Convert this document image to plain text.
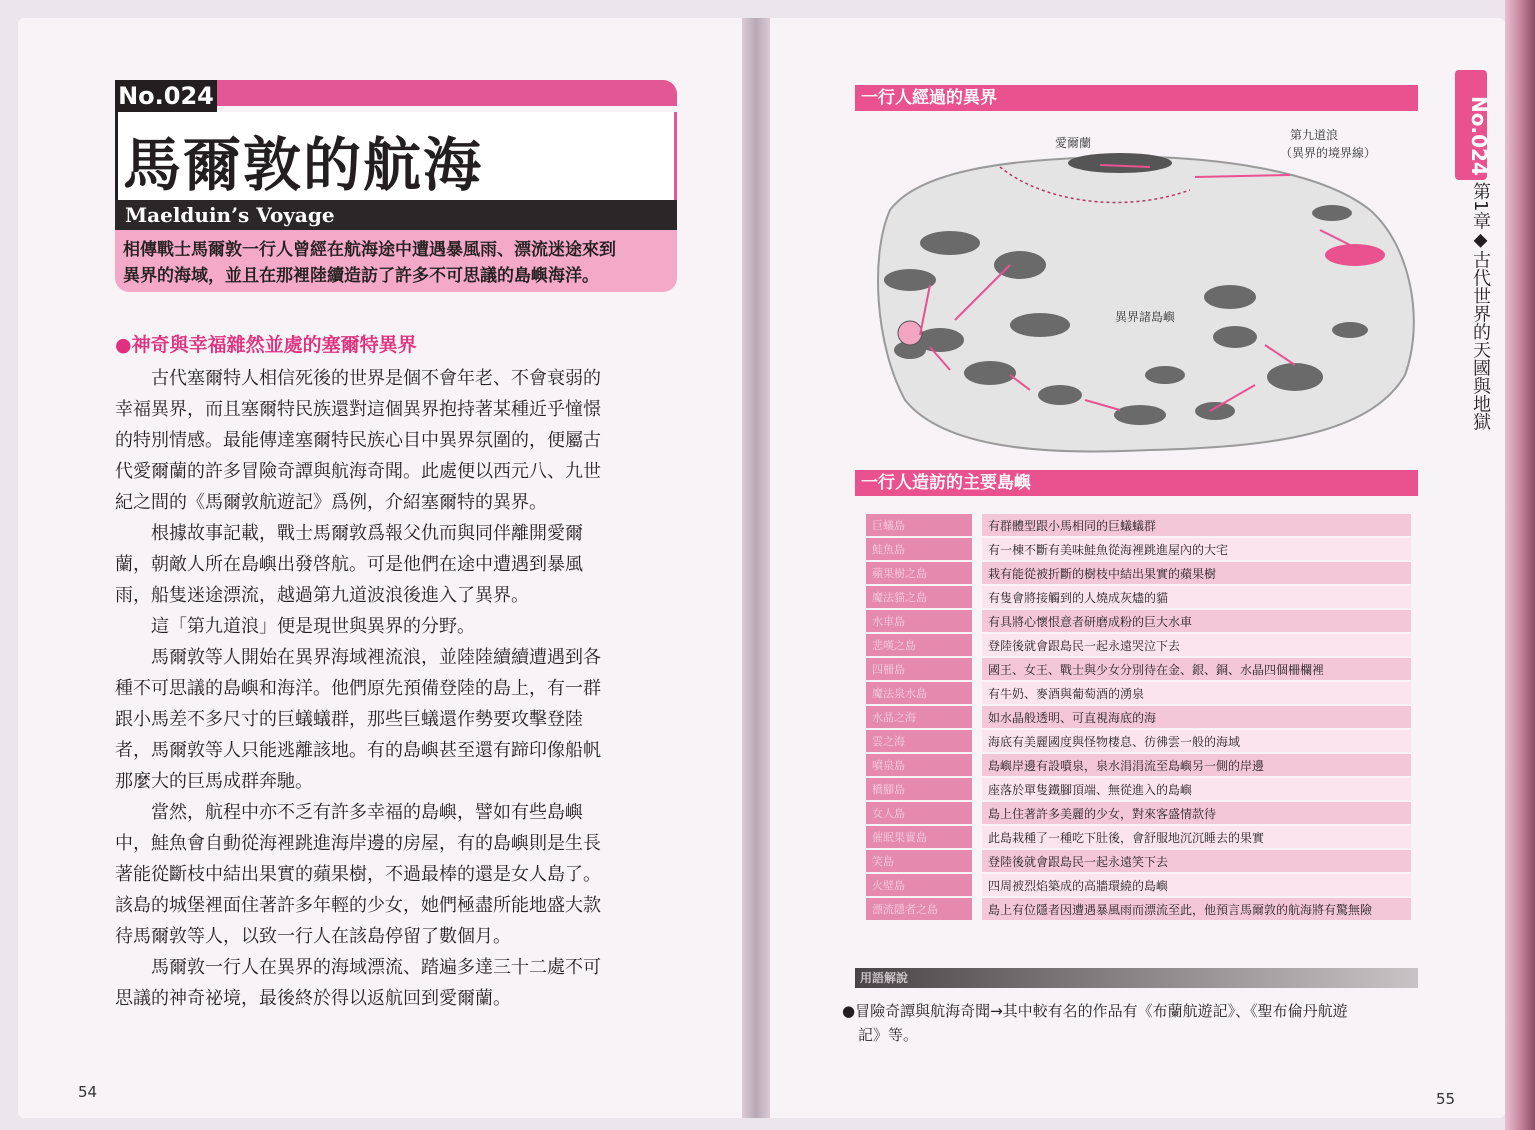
No.024
馬爾敦的航海
Maelduin’s Voyage
相傳戰士馬爾敦一行人曾經在航海途中遭遇暴風雨、漂流迷途來到
異界的海域，並且在那裡陸續造訪了許多不可思議的島嶼海洋。
●神奇與幸福雜然並處的塞爾特異界
　　古代塞爾特人相信死後的世界是個不會年老、不會衰弱的
幸福異界，而且塞爾特民族還對這個異界抱持著某種近乎憧憬
的特別情感。最能傳達塞爾特民族心目中異界氛圍的，便屬古
代愛爾蘭的許多冒險奇譚與航海奇聞。此處便以西元八、九世
紀之間的《馬爾敦航遊記》爲例，介紹塞爾特的異界。
　　根據故事記載，戰士馬爾敦爲報父仇而與同伴離開愛爾
蘭，朝敵人所在島嶼出發啓航。可是他們在途中遭遇到暴風
雨，船隻迷途漂流，越過第九道波浪後進入了異界。
　　這「第九道浪」便是現世與異界的分野。
　　馬爾敦等人開始在異界海域裡流浪，並陸陸續續遭遇到各
種不可思議的島嶼和海洋。他們原先預備登陸的島上，有一群
跟小馬差不多尺寸的巨蟻蟻群，那些巨蟻還作勢要攻擊登陸
者，馬爾敦等人只能逃離該地。有的島嶼甚至還有蹄印像船帆
那麼大的巨馬成群奔馳。
　　當然，航程中亦不乏有許多幸福的島嶼，譬如有些島嶼
中，鮭魚會自動從海裡跳進海岸邊的房屋，有的島嶼則是生長
著能從斷枝中結出果實的蘋果樹，不過最棒的還是女人島了。
該島的城堡裡面住著許多年輕的少女，她們極盡所能地盛大款
待馬爾敦等人，以致一行人在該島停留了數個月。
　　馬爾敦一行人在異界的海域漂流、踏遍多達三十二處不可
思議的神奇祕境，最後終於得以返航回到愛爾蘭。
54
一行人經過的異界
愛爾蘭
第九道浪
（異界的境界線）
異界諸島嶼
一行人造訪的主要島嶼
巨蟻島	有群體型跟小馬相同的巨蟻蟻群
鮭魚島	有一棟不斷有美味鮭魚從海裡跳進屋內的大宅
蘋果樹之島	栽有能從被折斷的樹枝中結出果實的蘋果樹
魔法貓之島	有隻會將接觸到的人燒成灰燼的貓
水車島	有具將心懷恨意者研磨成粉的巨大水車
悲嘆之島	登陸後就會跟島民一起永遠哭泣下去
四柵島	國王、女王、戰士與少女分別待在金、銀、銅、水晶四個柵欄裡
魔法泉水島	有牛奶、麥酒與葡萄酒的湧泉
水晶之海	如水晶般透明、可直視海底的海
雲之海	海底有美麗國度與怪物棲息、彷彿雲一般的海域
噴泉島	島嶼岸邊有設噴泉，泉水涓涓流至島嶼另一側的岸邊
橋腳島	座落於單隻鐵腳頂端、無從進入的島嶼
女人島	島上住著許多美麗的少女，對來客盛情款待
催眠果實島	此島栽種了一種吃下肚後，會舒服地沉沉睡去的果實
笑島	登陸後就會跟島民一起永遠笑下去
火壁島	四周被烈焰築成的高牆環繞的島嶼
漂流隱者之島	島上有位隱者因遭遇暴風雨而漂流至此，他預言馬爾敦的航海將有驚無險
用語解說
●冒險奇譚與航海奇聞→其中較有名的作品有《布蘭航遊記》、《聖布倫丹航遊
記》等。
55
No.024
第1章◆古代世界的天國與地獄
